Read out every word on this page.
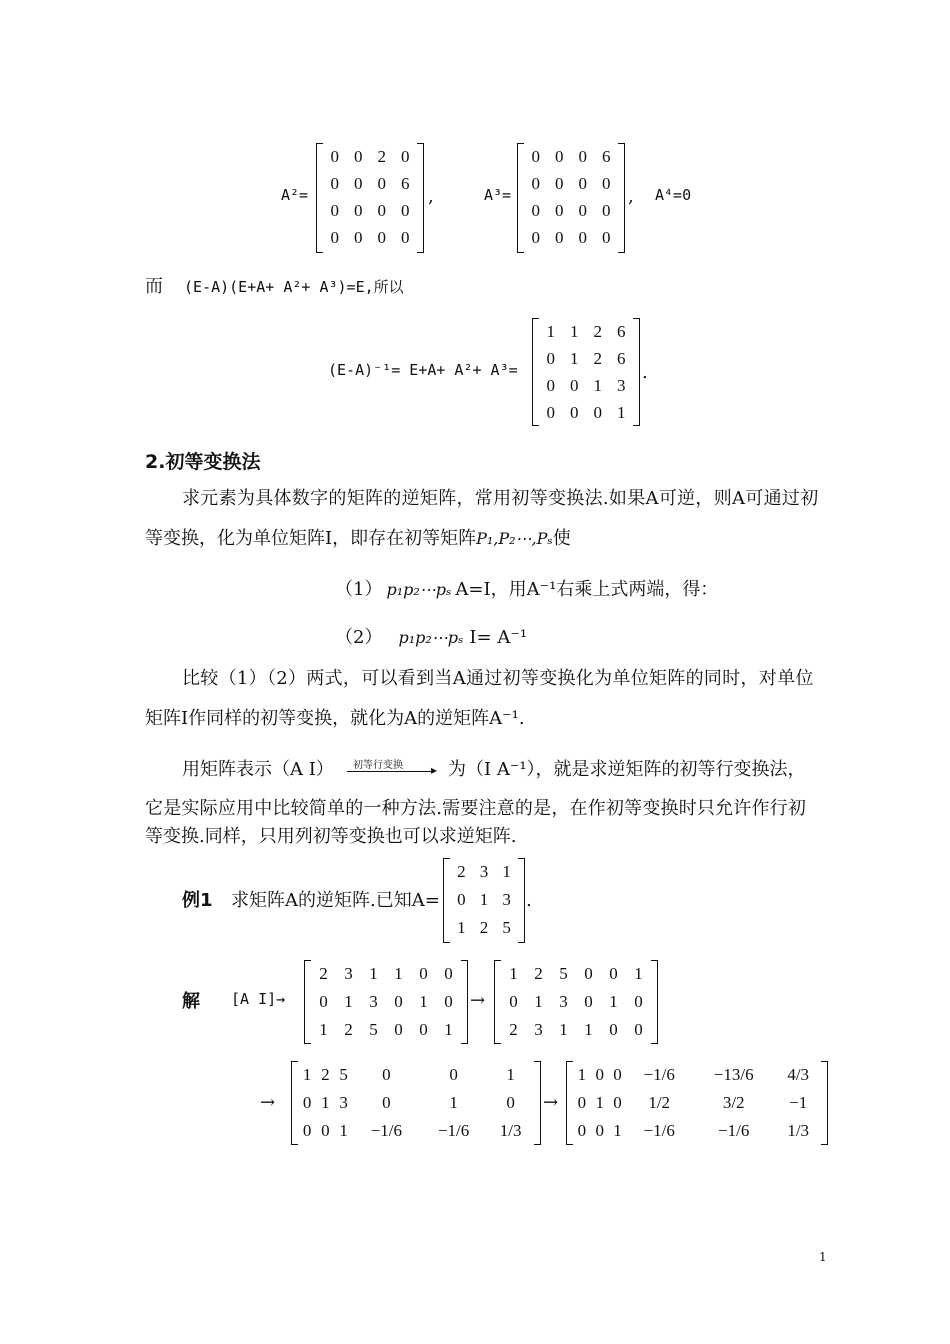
A²=
0	0	2	0
0	0	0	6
0	0	0	0
0	0	0	0
,	A³=
0	0	0	6
0	0	0	0
0	0	0	0
0	0	0	0
, A⁴=0
而 (E-A)(E+A+ A²+ A³)=E,所以
(E-A)⁻¹= E+A+ A²+ A³=
1	1	2	6
0	1	2	6
0	0	1	3
0	0	0	1
.
2.初等变换法
求元素为具体数字的矩阵的逆矩阵，常用初等变换法.如果A可逆，则A可通过初
等变换，化为单位矩阵I，即存在初等矩阵P₁,P₂⋯,Pₛ使
（1） p₁p₂⋯pₛ A=I，用A⁻¹右乘上式两端，得：
（2） p₁p₂⋯pₛ I= A⁻¹
比较（1）（2）两式，可以看到当A通过初等变换化为单位矩阵的同时，对单位
矩阵I作同样的初等变换，就化为A的逆矩阵A⁻¹.
用矩阵表示（A I） 初等行变换 ▸ 为（I A⁻¹），就是求逆矩阵的初等行变换法，
它是实际应用中比较简单的一种方法.需要注意的是，在作初等变换时只允许作行初
等变换.同样，只用列初等变换也可以求逆矩阵.
例1 求矩阵A的逆矩阵.已知A=
2	3	1
0	1	3
1	2	5
.
解 [A I]→
2	3	1	1	0	0
0	1	3	0	1	0
1	2	5	0	0	1
→
1	2	5	0	0	1
0	1	3	0	1	0
2	3	1	1	0	0
→
1	2	5	0	0	1
0	1	3	0	1	0
0	0	1	−1/6	−1/6	1/3
→
1	0	0	−1/6	−13/6	4/3
0	1	0	1/2	3/2	−1
0	0	1	−1/6	−1/6	1/3
1
